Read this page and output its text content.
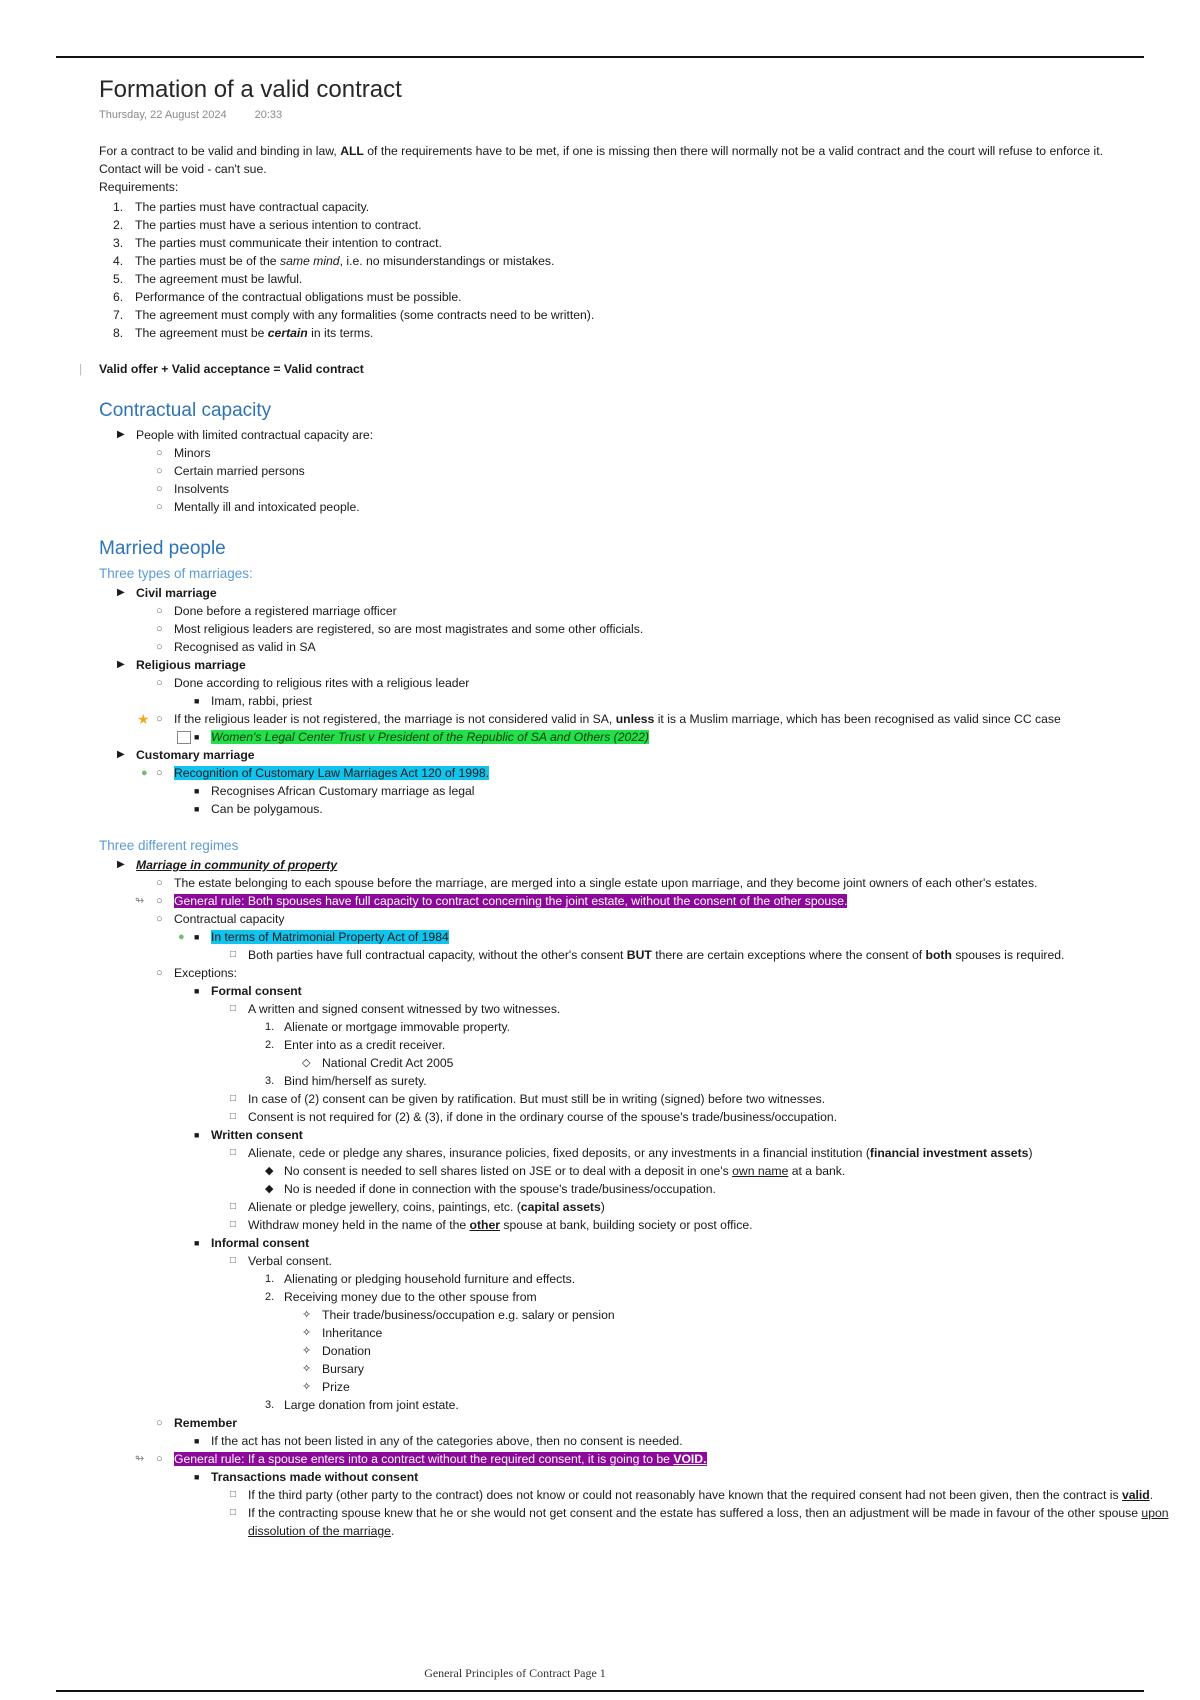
Formation of a valid contract
Thursday, 22 August 2024	20:33

For a contract to be valid and binding in law, ALL of the requirements have to be met, if one is missing then there will normally not be a valid contract and the court will refuse to enforce it.

Contact will be void - can't sue.

Requirements:

1. The parties must have contractual capacity.
2. The parties must have a serious intention to contract.
3. The parties must communicate their intention to contract.
4. The parties must be of the same mind, i.e. no misunderstandings or mistakes.
5. The agreement must be lawful.
6. Performance of the contractual obligations must be possible.
7. The agreement must comply with any formalities (some contracts need to be written).
8. The agreement must be certain in its terms.
| Valid offer + Valid acceptance = Valid contract
Contractual capacity
▶ People with limited contractual capacity are:
○ Minors
○ Certain married persons
○ Insolvents
○ Mentally ill and intoxicated people.
Married people
Three types of marriages:
▶ Civil marriage
○ Done before a registered marriage officer
○ Most religious leaders are registered, so are most magistrates and some other officials.
○ Recognised as valid in SA
▶ Religious marriage
○ Done according to religious rites with a religious leader
■ Imam, rabbi, priest
★ ○ If the religious leader is not registered, the marriage is not considered valid in SA, unless it is a Muslim marriage, which has been recognised as valid since CC case
■ Women's Legal Center Trust v President of the Republic of SA and Others (2022)
▶ Customary marriage
● ○ Recognition of Customary Law Marriages Act 120 of 1998.
■ Recognises African Customary marriage as legal
■ Can be polygamous.
Three different regimes
▶ Marriage in community of property
○ The estate belonging to each spouse before the marriage, are merged into a single estate upon marriage, and they become joint owners of each other's estates.
↬ ○ General rule: Both spouses have full capacity to contract concerning the joint estate, without the consent of the other spouse.
○ Contractual capacity
● ■ In terms of Matrimonial Property Act of 1984
□ Both parties have full contractual capacity, without the other's consent BUT there are certain exceptions where the consent of both spouses is required.
○ Exceptions:
■ Formal consent
□ A written and signed consent witnessed by two witnesses.
1. Alienate or mortgage immovable property.
2. Enter into as a credit receiver.
◇ National Credit Act 2005
3. Bind him/herself as surety.
□ In case of (2) consent can be given by ratification. But must still be in writing (signed) before two witnesses.
□ Consent is not required for (2) & (3), if done in the ordinary course of the spouse's trade/business/occupation.
■ Written consent
□ Alienate, cede or pledge any shares, insurance policies, fixed deposits, or any investments in a financial institution (financial investment assets)
◆ No consent is needed to sell shares listed on JSE or to deal with a deposit in one's own name at a bank.
◆ No is needed if done in connection with the spouse's trade/business/occupation.
□ Alienate or pledge jewellery, coins, paintings, etc. (capital assets)
□ Withdraw money held in the name of the other spouse at bank, building society or post office.
■ Informal consent
□ Verbal consent.
1. Alienating or pledging household furniture and effects.
2. Receiving money due to the other spouse from
✧ Their trade/business/occupation e.g. salary or pension
✧ Inheritance
✧ Donation
✧ Bursary
✧ Prize
3. Large donation from joint estate.
○ Remember
■ If the act has not been listed in any of the categories above, then no consent is needed.
↬ ○ General rule: If a spouse enters into a contract without the required consent, it is going to be VOID.
■ Transactions made without consent
□ If the third party (other party to the contract) does not know or could not reasonably have known that the required consent had not been given, then the contract is valid.
□ If the contracting spouse knew that he or she would not get consent and the estate has suffered a loss, then an adjustment will be made in favour of the other spouse upon dissolution of the marriage.
General Principles of Contract Page 1
